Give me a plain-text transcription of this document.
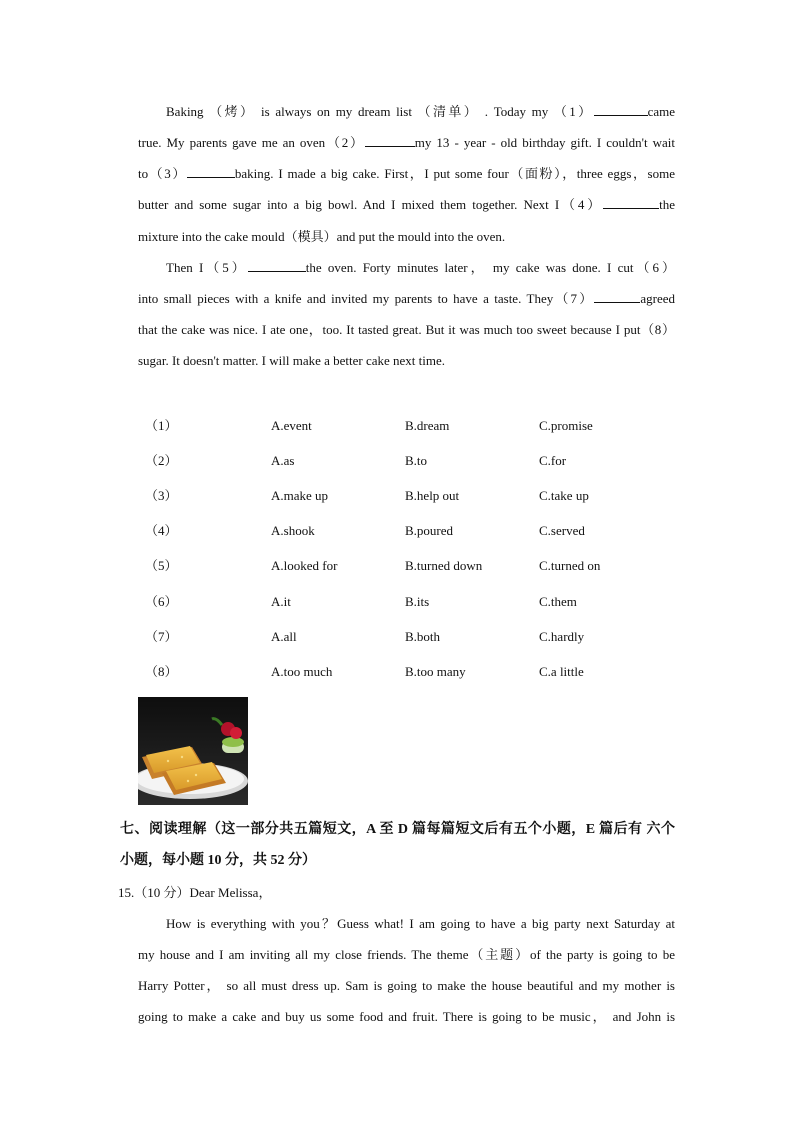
Baking （烤） is always on my dream list （清单） . Today my （1）	came
true. My parents gave me an oven（2）	my 13 - year - old birthday gift. I couldn't wait
to（3）	baking. I made a big cake. First，I put some four（面粉），three eggs，some
butter and some sugar into a big bowl. And I mixed them together. Next I（4）	the
mixture into the cake mould（模具）and put the mould into the oven.
Then I（5）	the oven. Forty minutes later， my cake was done. I cut（6）
into small pieces with a knife and invited my parents to have a taste. They（7）	agreed
that the cake was nice. I ate one，too. It tasted great. But it was much too sweet because I put（8）
sugar. It doesn't matter. I will make a better cake next time.
（1）	A.event	B.dream	C.promise
（2）	A.as	B.to	C.for
（3）	A.make up	B.help out	C.take up
（4）	A.shook	B.poured	C.served
（5）	A.looked for	B.turned down	C.turned on
（6）	A.it	B.its	C.them
（7）	A.all	B.both	C.hardly
（8）	A.too much	B.too many	C.a little
七、阅读理解（这一部分共五篇短文，A 至 D 篇每篇短文后有五个小题，E 篇后有 六个
小题，每小题 10 分，共 52 分）
15.（10 分）Dear Melissa，
How is everything with you？Guess what! I am going to have a big party next Saturday at
my house and I am inviting all my close friends. The theme（主题）of the party is going to be
Harry Potter， so all must dress up. Sam is going to make the house beautiful and my mother is
going to make a cake and buy us some food and fruit. There is going to be music， and John is
